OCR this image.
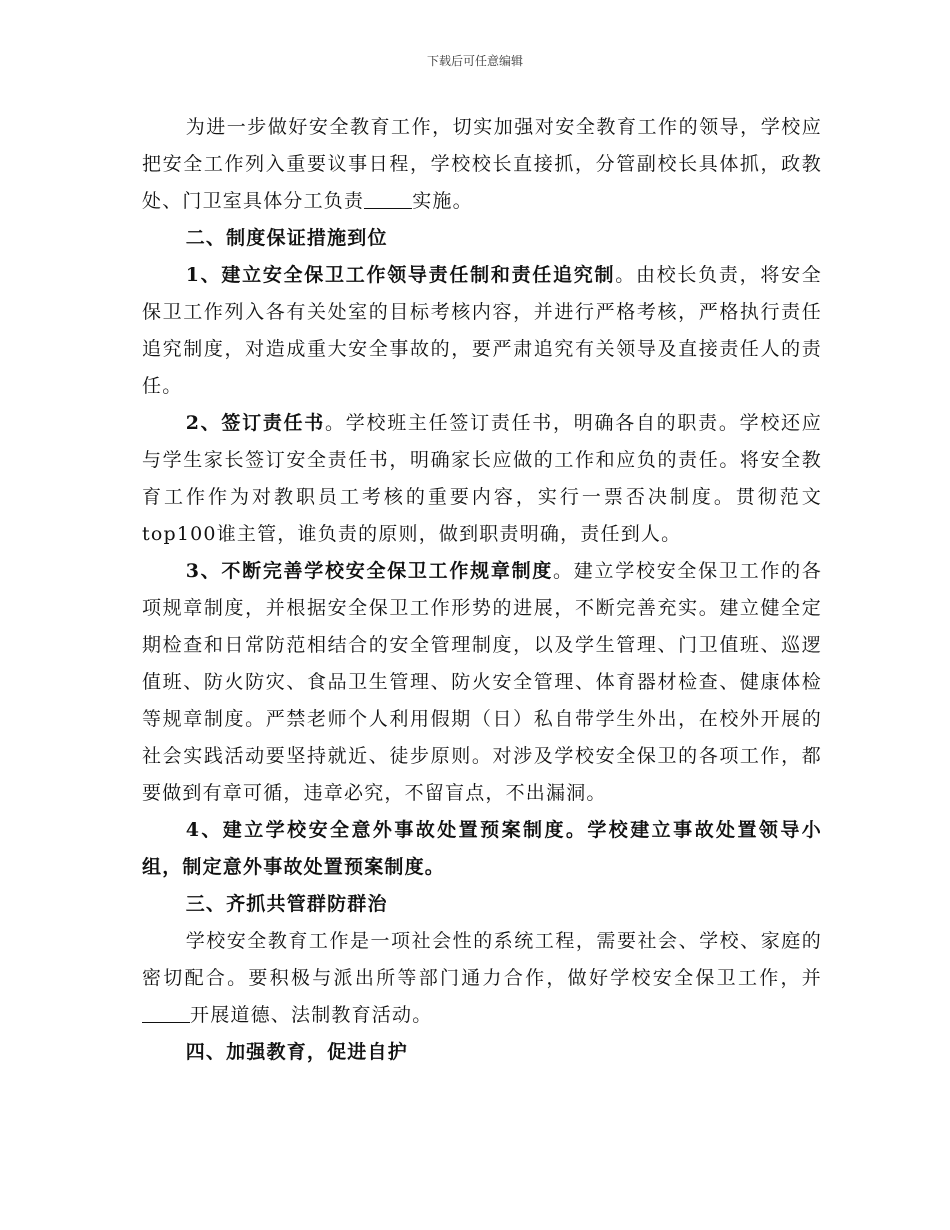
下载后可任意编辑

为进一步做好安全教育工作，切实加强对安全教育工作的领导，学校应把安全工作列入重要议事日程，学校校长直接抓，分管副校长具体抓，政教处、门卫室具体分工负责	实施。

二、制度保证措施到位

1、建立安全保卫工作领导责任制和责任追究制。由校长负责，将安全保卫工作列入各有关处室的目标考核内容，并进行严格考核，严格执行责任追究制度，对造成重大安全事故的，要严肃追究有关领导及直接责任人的责任。

2、签订责任书。学校班主任签订责任书，明确各自的职责。学校还应与学生家长签订安全责任书，明确家长应做的工作和应负的责任。将安全教育工作作为对教职员工考核的重要内容，实行一票否决制度。贯彻范文top100谁主管，谁负责的原则，做到职责明确，责任到人。

3、不断完善学校安全保卫工作规章制度。建立学校安全保卫工作的各项规章制度，并根据安全保卫工作形势的进展，不断完善充实。建立健全定期检查和日常防范相结合的安全管理制度，以及学生管理、门卫值班、巡逻值班、防火防灾、食品卫生管理、防火安全管理、体育器材检查、健康体检等规章制度。严禁老师个人利用假期（日）私自带学生外出，在校外开展的社会实践活动要坚持就近、徒步原则。对涉及学校安全保卫的各项工作，都要做到有章可循，违章必究，不留盲点，不出漏洞。

4、建立学校安全意外事故处置预案制度。学校建立事故处置领导小组，制定意外事故处置预案制度。

三、齐抓共管群防群治

学校安全教育工作是一项社会性的系统工程，需要社会、学校、家庭的密切配合。要积极与派出所等部门通力合作，做好学校安全保卫工作，并开展道德、法制教育活动。

四、加强教育，促进自护
